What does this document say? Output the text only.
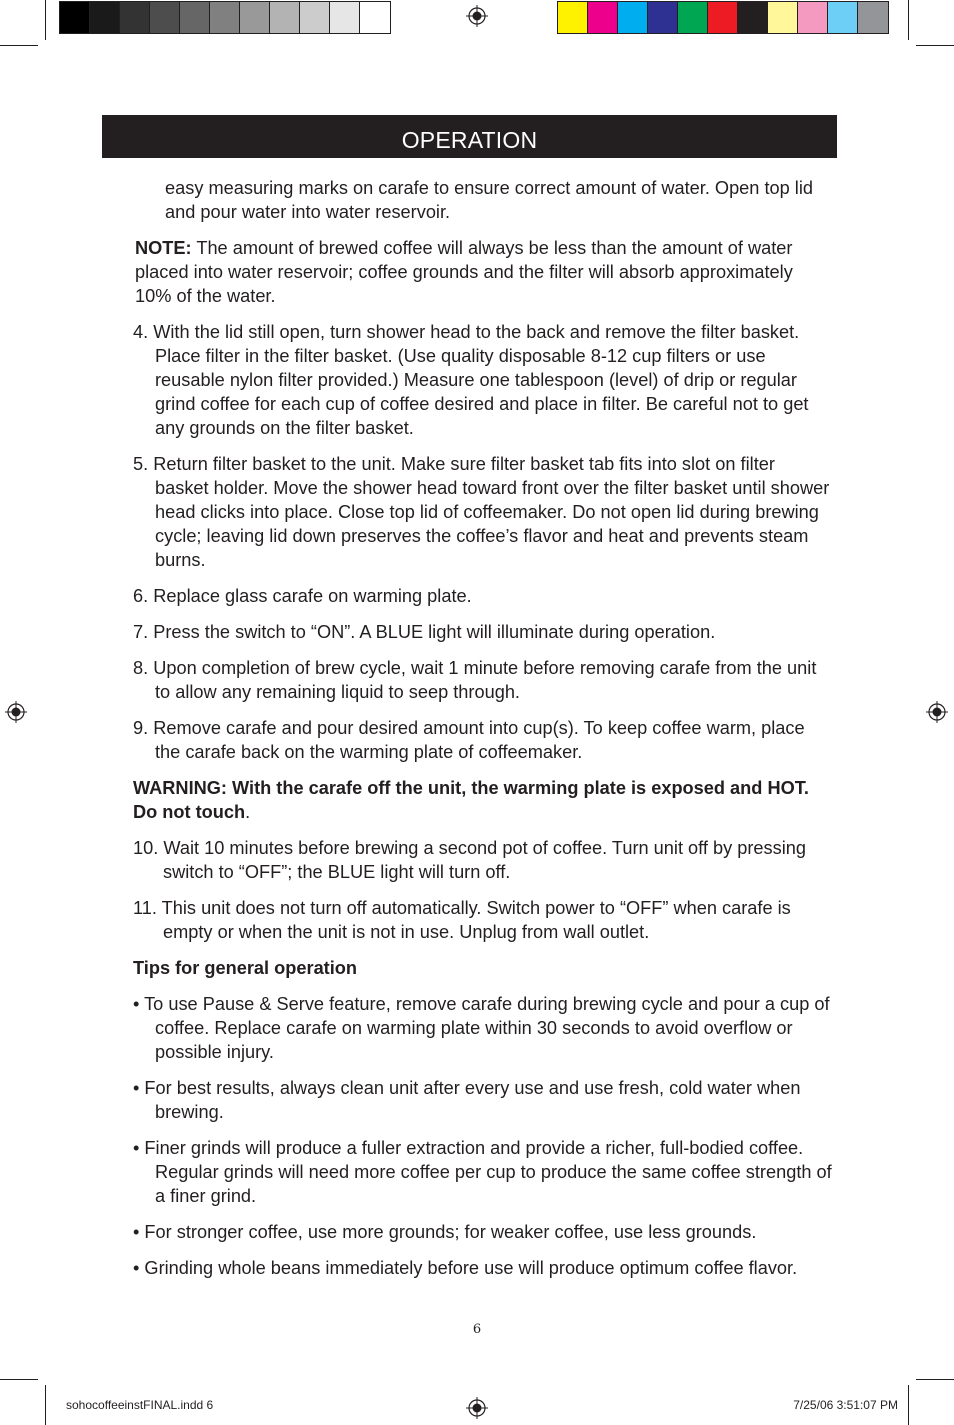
OPERATION

easy measuring marks on carafe to ensure correct amount of water. Open top lid and pour water into water reservoir.

NOTE: The amount of brewed coffee will always be less than the amount of water placed into water reservoir; coffee grounds and the filter will absorb approximately 10% of the water.

4. With the lid still open, turn shower head to the back and remove the filter basket. Place filter in the filter basket. (Use quality disposable 8-12 cup filters or use reusable nylon filter provided.) Measure one tablespoon (level) of drip or regular grind coffee for each cup of coffee desired and place in filter. Be careful not to get any grounds on the filter basket.

5. Return filter basket to the unit. Make sure filter basket tab fits into slot on filter basket holder. Move the shower head toward front over the filter basket until shower head clicks into place. Close top lid of coffeemaker. Do not open lid during brewing cycle; leaving lid down preserves the coffee’s flavor and heat and prevents steam burns.

6. Replace glass carafe on warming plate.

7. Press the switch to “ON”. A BLUE light will illuminate during operation.

8. Upon completion of brew cycle, wait 1 minute before removing carafe from the unit to allow any remaining liquid to seep through.

9. Remove carafe and pour desired amount into cup(s). To keep coffee warm, place the carafe back on the warming plate of coffeemaker.

WARNING: With the carafe off the unit, the warming plate is exposed and HOT. Do not touch.

10. Wait 10 minutes before brewing a second pot of coffee. Turn unit off by pressing switch to “OFF”; the BLUE light will turn off.

11. This unit does not turn off automatically. Switch power to “OFF” when carafe is empty or when the unit is not in use. Unplug from wall outlet.

Tips for general operation

• To use Pause & Serve feature, remove carafe during brewing cycle and pour a cup of coffee. Replace carafe on warming plate within 30 seconds to avoid overflow or possible injury.

• For best results, always clean unit after every use and use fresh, cold water when brewing.

• Finer grinds will produce a fuller extraction and provide a richer, full-bodied coffee. Regular grinds will need more coffee per cup to produce the same coffee strength of a finer grind.

• For stronger coffee, use more grounds; for weaker coffee, use less grounds.

• Grinding whole beans immediately before use will produce optimum coffee flavor.

6
sohocoffeeinstFINAL.indd 6	7/25/06 3:51:07 PM
